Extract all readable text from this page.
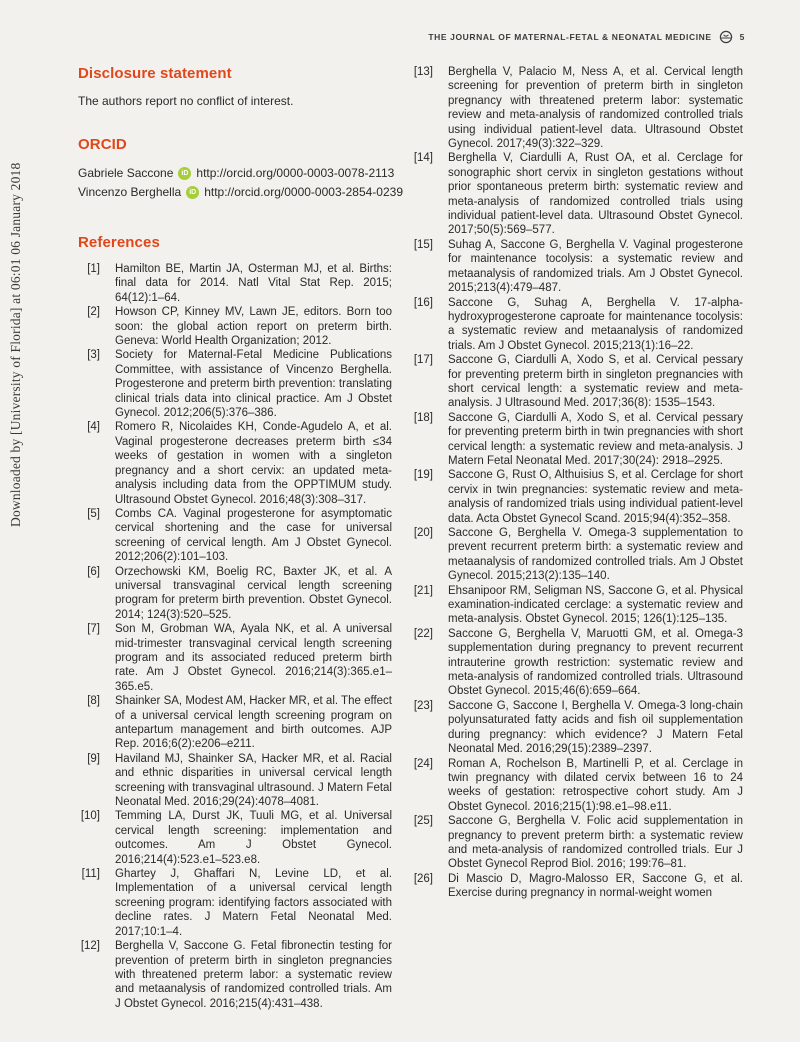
THE JOURNAL OF MATERNAL-FETAL & NEONATAL MEDICINE	5
Downloaded by [University of Florida] at 06:01 06 January 2018
Disclosure statement

The authors report no conflict of interest.

ORCID
Gabriele Saccone	iD http://orcid.org/0000-0003-0078-2113
Vincenzo Berghella	iD http://orcid.org/0000-0003-2854-0239
References
[1] Hamilton BE, Martin JA, Osterman MJ, et al. Births: final data for 2014. Natl Vital Stat Rep. 2015; 64(12):1–64.
[2] Howson CP, Kinney MV, Lawn JE, editors. Born too soon: the global action report on preterm birth. Geneva: World Health Organization; 2012.
[3] Society for Maternal-Fetal Medicine Publications Committee, with assistance of Vincenzo Berghella. Progesterone and preterm birth prevention: translating clinical trials data into clinical practice. Am J Obstet Gynecol. 2012;206(5):376–386.
[4] Romero R, Nicolaides KH, Conde-Agudelo A, et al. Vaginal progesterone decreases preterm birth ≤34 weeks of gestation in women with a singleton pregnancy and a short cervix: an updated meta-analysis including data from the OPPTIMUM study. Ultrasound Obstet Gynecol. 2016;48(3):308–317.
[5] Combs CA. Vaginal progesterone for asymptomatic cervical shortening and the case for universal screening of cervical length. Am J Obstet Gynecol. 2012;206(2):101–103.
[6] Orzechowski KM, Boelig RC, Baxter JK, et al. A universal transvaginal cervical length screening program for preterm birth prevention. Obstet Gynecol. 2014; 124(3):520–525.
[7] Son M, Grobman WA, Ayala NK, et al. A universal mid-trimester transvaginal cervical length screening program and its associated reduced preterm birth rate. Am J Obstet Gynecol. 2016;214(3):365.e1–365.e5.
[8] Shainker SA, Modest AM, Hacker MR, et al. The effect of a universal cervical length screening program on antepartum management and birth outcomes. AJP Rep. 2016;6(2):e206–e211.
[9] Haviland MJ, Shainker SA, Hacker MR, et al. Racial and ethnic disparities in universal cervical length screening with transvaginal ultrasound. J Matern Fetal Neonatal Med. 2016;29(24):4078–4081.
[10] Temming LA, Durst JK, Tuuli MG, et al. Universal cervical length screening: implementation and outcomes. Am J Obstet Gynecol. 2016;214(4):523.e1–523.e8.
[11] Ghartey J, Ghaffari N, Levine LD, et al. Implementation of a universal cervical length screening program: identifying factors associated with decline rates. J Matern Fetal Neonatal Med. 2017;10:1–4.
[12] Berghella V, Saccone G. Fetal fibronectin testing for prevention of preterm birth in singleton pregnancies with threatened preterm labor: a systematic review and metaanalysis of randomized controlled trials. Am J Obstet Gynecol. 2016;215(4):431–438.
[13] Berghella V, Palacio M, Ness A, et al. Cervical length screening for prevention of preterm birth in singleton pregnancy with threatened preterm labor: systematic review and meta-analysis of randomized controlled trials using individual patient-level data. Ultrasound Obstet Gynecol. 2017;49(3):322–329.
[14] Berghella V, Ciardulli A, Rust OA, et al. Cerclage for sonographic short cervix in singleton gestations without prior spontaneous preterm birth: systematic review and meta-analysis of randomized controlled trials using individual patient-level data. Ultrasound Obstet Gynecol. 2017;50(5):569–577.
[15] Suhag A, Saccone G, Berghella V. Vaginal progesterone for maintenance tocolysis: a systematic review and metaanalysis of randomized trials. Am J Obstet Gynecol. 2015;213(4):479–487.
[16] Saccone G, Suhag A, Berghella V. 17-alpha-hydroxyprogesterone caproate for maintenance tocolysis: a systematic review and metaanalysis of randomized trials. Am J Obstet Gynecol. 2015;213(1):16–22.
[17] Saccone G, Ciardulli A, Xodo S, et al. Cervical pessary for preventing preterm birth in singleton pregnancies with short cervical length: a systematic review and meta-analysis. J Ultrasound Med. 2017;36(8): 1535–1543.
[18] Saccone G, Ciardulli A, Xodo S, et al. Cervical pessary for preventing preterm birth in twin pregnancies with short cervical length: a systematic review and meta-analysis. J Matern Fetal Neonatal Med. 2017;30(24): 2918–2925.
[19] Saccone G, Rust O, Althuisius S, et al. Cerclage for short cervix in twin pregnancies: systematic review and meta-analysis of randomized trials using individual patient-level data. Acta Obstet Gynecol Scand. 2015;94(4):352–358.
[20] Saccone G, Berghella V. Omega-3 supplementation to prevent recurrent preterm birth: a systematic review and metaanalysis of randomized controlled trials. Am J Obstet Gynecol. 2015;213(2):135–140.
[21] Ehsanipoor RM, Seligman NS, Saccone G, et al. Physical examination-indicated cerclage: a systematic review and meta-analysis. Obstet Gynecol. 2015; 126(1):125–135.
[22] Saccone G, Berghella V, Maruotti GM, et al. Omega-3 supplementation during pregnancy to prevent recurrent intrauterine growth restriction: systematic review and meta-analysis of randomized controlled trials. Ultrasound Obstet Gynecol. 2015;46(6):659–664.
[23] Saccone G, Saccone I, Berghella V. Omega-3 long-chain polyunsaturated fatty acids and fish oil supplementation during pregnancy: which evidence? J Matern Fetal Neonatal Med. 2016;29(15):2389–2397.
[24] Roman A, Rochelson B, Martinelli P, et al. Cerclage in twin pregnancy with dilated cervix between 16 to 24 weeks of gestation: retrospective cohort study. Am J Obstet Gynecol. 2016;215(1):98.e1–98.e11.
[25] Saccone G, Berghella V. Folic acid supplementation in pregnancy to prevent preterm birth: a systematic review and meta-analysis of randomized controlled trials. Eur J Obstet Gynecol Reprod Biol. 2016; 199:76–81.
[26] Di Mascio D, Magro-Malosso ER, Saccone G, et al. Exercise during pregnancy in normal-weight women
